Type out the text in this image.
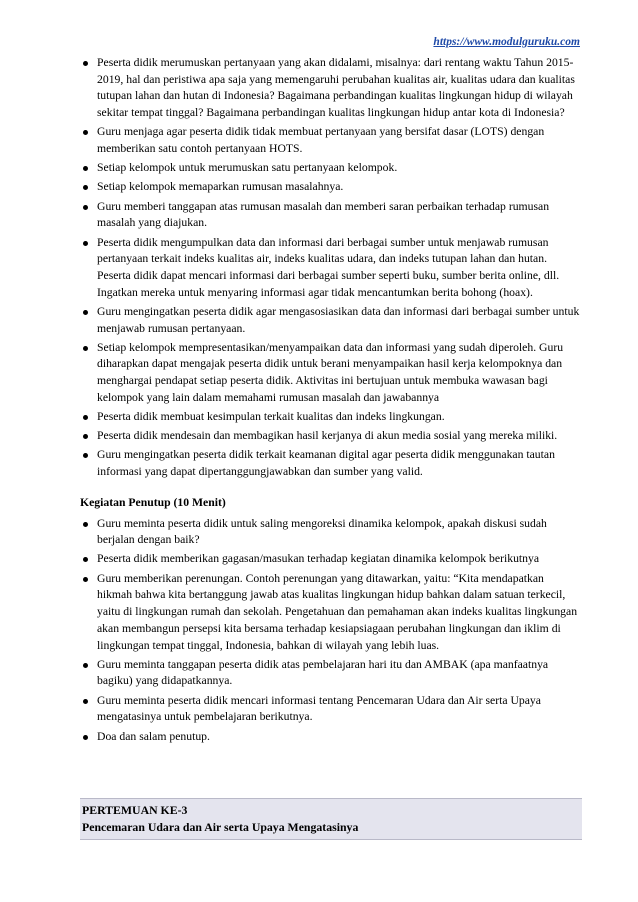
https://www.modulguruku.com
Peserta didik merumuskan pertanyaan yang akan didalami, misalnya: dari rentang waktu Tahun 2015-2019, hal dan peristiwa apa saja yang memengaruhi perubahan kualitas air, kualitas udara dan kualitas tutupan lahan dan hutan di Indonesia? Bagaimana perbandingan kualitas lingkungan hidup di wilayah sekitar tempat tinggal? Bagaimana perbandingan kualitas lingkungan hidup antar kota di Indonesia?
Guru menjaga agar peserta didik tidak membuat pertanyaan yang bersifat dasar (LOTS) dengan memberikan satu contoh pertanyaan HOTS.
Setiap kelompok untuk merumuskan satu pertanyaan kelompok.
Setiap kelompok memaparkan rumusan masalahnya.
Guru memberi tanggapan atas rumusan masalah dan memberi saran perbaikan terhadap rumusan masalah yang diajukan.
Peserta didik mengumpulkan data dan informasi dari berbagai sumber untuk menjawab rumusan pertanyaan terkait indeks kualitas air, indeks kualitas udara, dan indeks tutupan lahan dan hutan. Peserta didik dapat mencari informasi dari berbagai sumber seperti buku, sumber berita online, dll. Ingatkan mereka untuk menyaring informasi agar tidak mencantumkan berita bohong (hoax).
Guru mengingatkan peserta didik agar mengasosiasikan data dan informasi dari berbagai sumber untuk menjawab rumusan pertanyaan.
Setiap kelompok mempresentasikan/menyampaikan data dan informasi yang sudah diperoleh. Guru diharapkan dapat mengajak peserta didik untuk berani menyampaikan hasil kerja kelompoknya dan menghargai pendapat setiap peserta didik. Aktivitas ini bertujuan untuk membuka wawasan bagi kelompok yang lain dalam memahami rumusan masalah dan jawabannya
Peserta didik membuat kesimpulan terkait kualitas dan indeks lingkungan.
Peserta didik mendesain dan membagikan hasil kerjanya di akun media sosial yang mereka miliki.
Guru mengingatkan peserta didik terkait keamanan digital agar peserta didik menggunakan tautan informasi yang dapat dipertanggungjawabkan dan sumber yang valid.
Kegiatan Penutup (10 Menit)
Guru meminta peserta didik untuk saling mengoreksi dinamika kelompok, apakah diskusi sudah berjalan dengan baik?
Peserta didik memberikan gagasan/masukan terhadap kegiatan dinamika kelompok berikutnya
Guru memberikan perenungan. Contoh perenungan yang ditawarkan, yaitu: “Kita mendapatkan hikmah bahwa kita bertanggung jawab atas kualitas lingkungan hidup bahkan dalam satuan terkecil, yaitu di lingkungan rumah dan sekolah. Pengetahuan dan pemahaman akan indeks kualitas lingkungan akan membangun persepsi kita bersama terhadap kesiapsiagaan perubahan lingkungan dan iklim di lingkungan tempat tinggal, Indonesia, bahkan di wilayah yang lebih luas.
Guru meminta tanggapan peserta didik atas pembelajaran hari itu dan AMBAK (apa manfaatnya bagiku) yang didapatkannya.
Guru meminta peserta didik mencari informasi tentang Pencemaran Udara dan Air serta Upaya mengatasinya untuk pembelajaran berikutnya.
Doa dan salam penutup.
PERTEMUAN KE-3
Pencemaran Udara dan Air serta Upaya Mengatasinya
